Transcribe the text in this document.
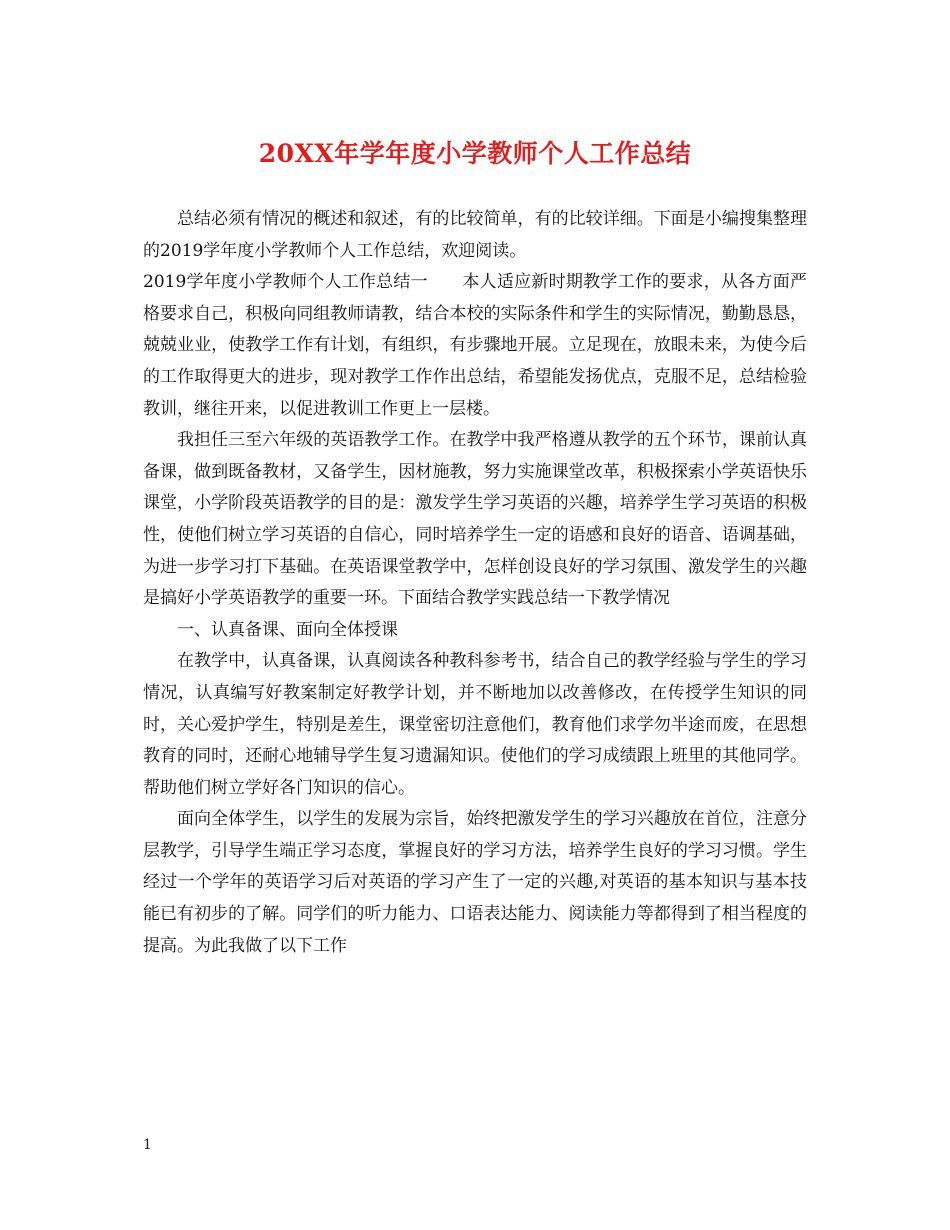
20XX年学年度小学教师个人工作总结

总结必须有情况的概述和叙述，有的比较简单，有的比较详细。下面是小编搜集整理的2019学年度小学教师个人工作总结，欢迎阅读。

2019学年度小学教师个人工作总结一　　本人适应新时期教学工作的要求，从各方面严格要求自己，积极向同组教师请教，结合本校的实际条件和学生的实际情况，勤勤恳恳，兢兢业业，使教学工作有计划，有组织，有步骤地开展。立足现在，放眼未来，为使今后的工作取得更大的进步，现对教学工作作出总结，希望能发扬优点，克服不足，总结检验教训，继往开来，以促进教训工作更上一层楼。

我担任三至六年级的英语教学工作。在教学中我严格遵从教学的五个环节，课前认真备课，做到既备教材，又备学生，因材施教，努力实施课堂改革，积极探索小学英语快乐课堂，小学阶段英语教学的目的是：激发学生学习英语的兴趣，培养学生学习英语的积极性，使他们树立学习英语的自信心，同时培养学生一定的语感和良好的语音、语调基础，为进一步学习打下基础。在英语课堂教学中，怎样创设良好的学习氛围、激发学生的兴趣是搞好小学英语教学的重要一环。下面结合教学实践总结一下教学情况

一、认真备课、面向全体授课

在教学中，认真备课，认真阅读各种教科参考书，结合自己的教学经验与学生的学习情况，认真编写好教案制定好教学计划，并不断地加以改善修改，在传授学生知识的同时，关心爱护学生，特别是差生，课堂密切注意他们，教育他们求学勿半途而废，在思想教育的同时，还耐心地辅导学生复习遗漏知识。使他们的学习成绩跟上班里的其他同学。帮助他们树立学好各门知识的信心。

面向全体学生，以学生的发展为宗旨，始终把激发学生的学习兴趣放在首位，注意分层教学，引导学生端正学习态度，掌握良好的学习方法，培养学生良好的学习习惯。学生经过一个学年的英语学习后对英语的学习产生了一定的兴趣,对英语的基本知识与基本技能已有初步的了解。同学们的听力能力、口语表达能力、阅读能力等都得到了相当程度的提高。为此我做了以下工作

1
